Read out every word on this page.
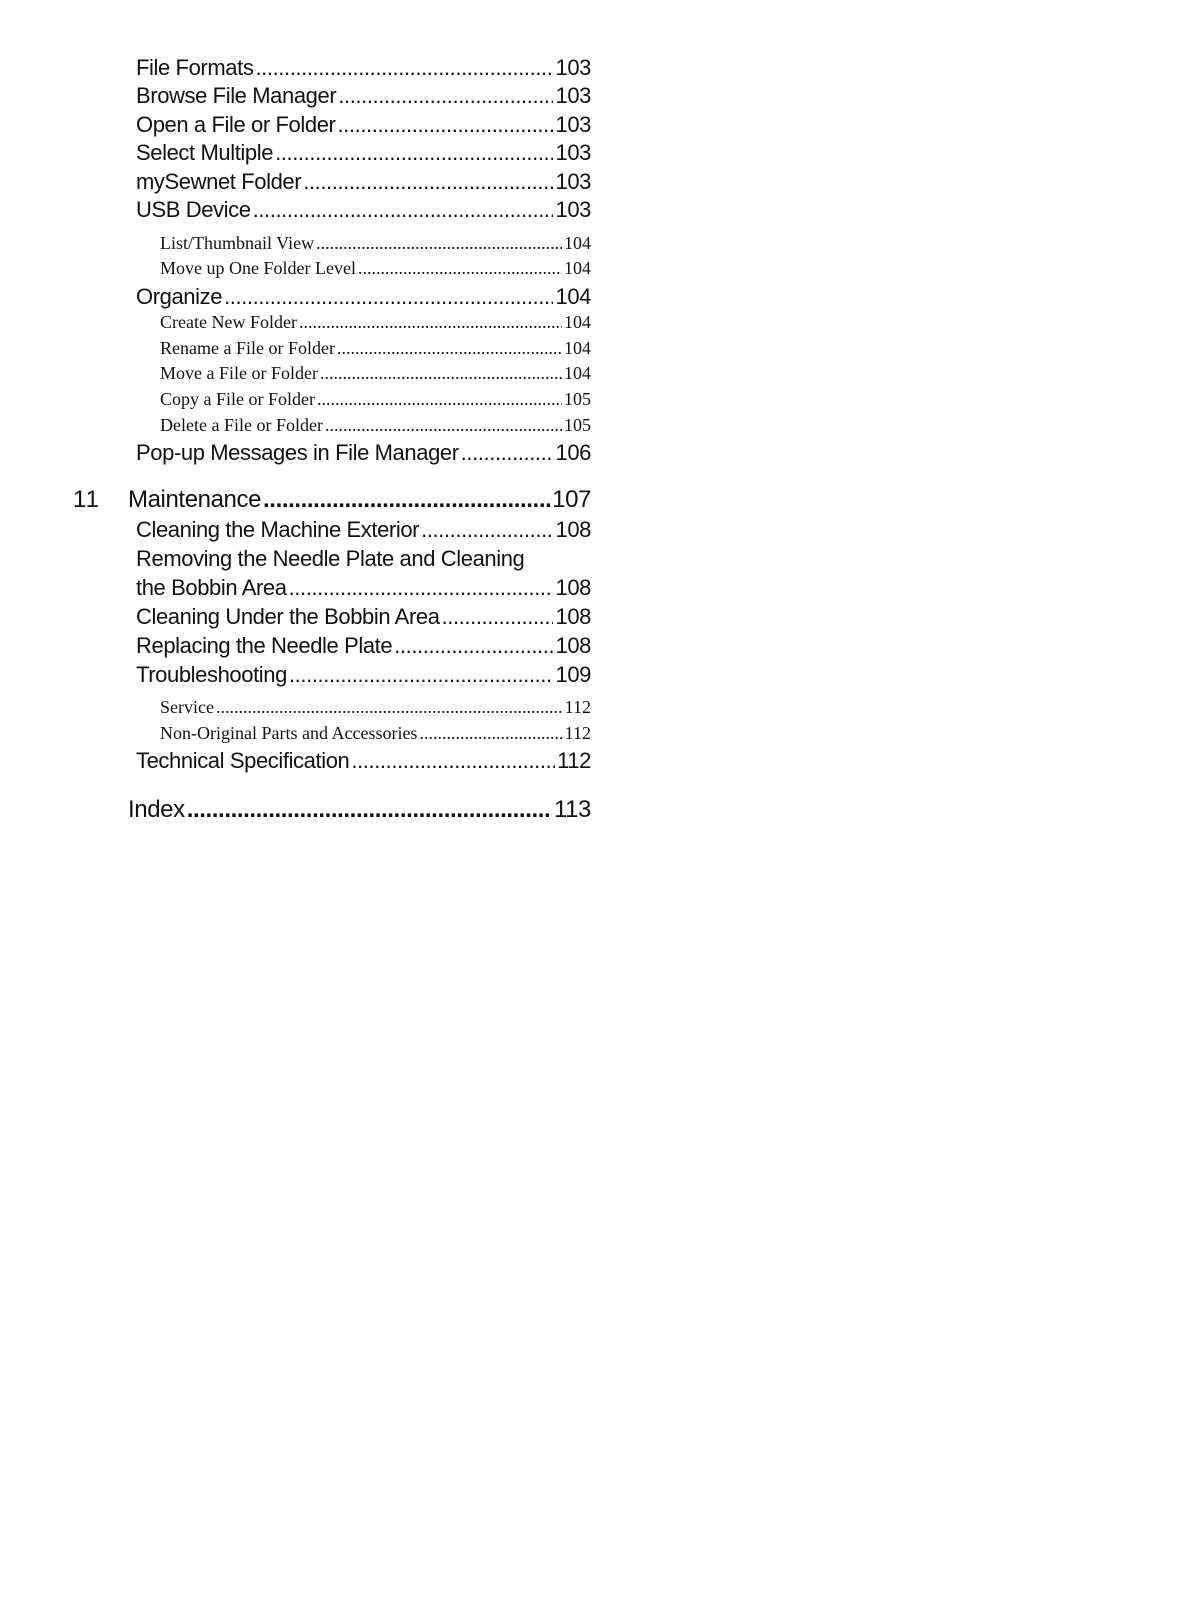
File Formats .....	103
Browse File Manager .....	103
Open a File or Folder .....	103
Select Multiple .....	103
mySewnet Folder .....	103
USB Device .....	103
List/Thumbnail View .....	104
Move up One Folder Level .....	104
Organize .....	104
Create New Folder .....	104
Rename a File or Folder .....	104
Move a File or Folder .....	104
Copy a File or Folder .....	105
Delete a File or Folder .....	105
Pop-up Messages in File Manager .....	106
11 Maintenance .....	107
Cleaning the Machine Exterior .....	108
Removing the Needle Plate and Cleaning
the Bobbin Area .....	108
Cleaning Under the Bobbin Area .....	108
Replacing the Needle Plate .....	108
Troubleshooting .....	109
Service .....	112
Non-Original Parts and Accessories .....	112
Technical Specification .....	112
Index .....	113
